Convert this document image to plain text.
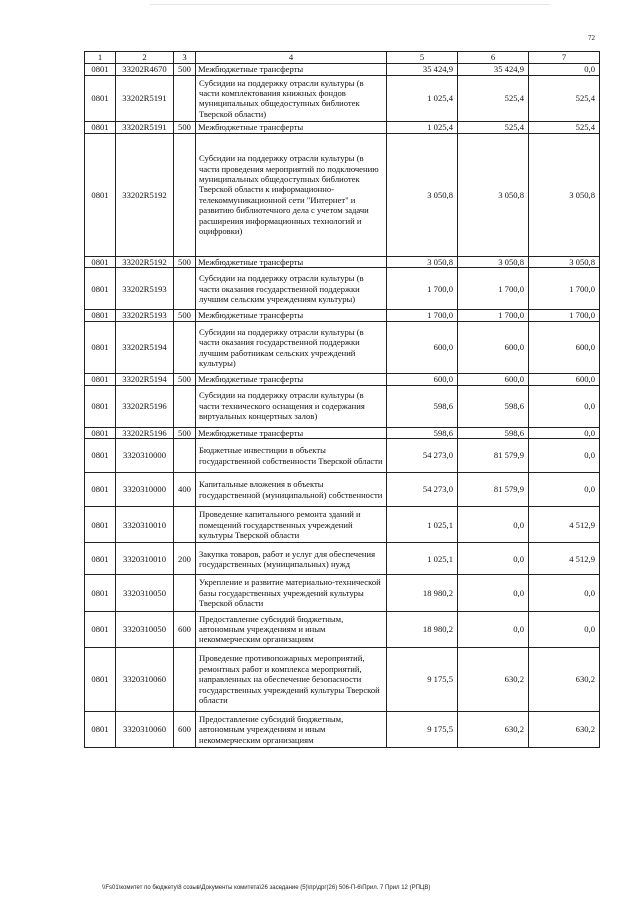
72
1	2	3	4	5	6	7
0801	33202R4670	500	Межбюджетные трансферты	35 424,9	35 424,9	0,0
0801	33202R5191		Субсидии на поддержку отрасли культуры (в части комплектования книжных фондов муниципальных общедоступных библиотек Тверской области)	1 025,4	525,4	525,4
0801	33202R5191	500	Межбюджетные трансферты	1 025,4	525,4	525,4
0801	33202R5192		Субсидии на поддержку отрасли культуры (в части проведения мероприятий по подключению муниципальных общедоступных библиотек Тверской области к информационно-телекоммуникационной сети "Интернет" и развитию библиотечного дела с учетом задачи расширения информационных технологий и оцифровки)	3 050,8	3 050,8	3 050,8
0801	33202R5192	500	Межбюджетные трансферты	3 050,8	3 050,8	3 050,8
0801	33202R5193		Субсидии на поддержку отрасли культуры (в части оказания государственной поддержки лучшим сельским учреждениям культуры)	1 700,0	1 700,0	1 700,0
0801	33202R5193	500	Межбюджетные трансферты	1 700,0	1 700,0	1 700,0
0801	33202R5194		Субсидии на поддержку отрасли культуры (в части оказания государственной поддержки лучшим работникам сельских учреждений культуры)	600,0	600,0	600,0
0801	33202R5194	500	Межбюджетные трансферты	600,0	600,0	600,0
0801	33202R5196		Субсидии на поддержку отрасли культуры (в части технического оснащения и содержания виртуальных концертных залов)	598,6	598,6	0,0
0801	33202R5196	500	Межбюджетные трансферты	598,6	598,6	0,0
0801	3320310000		Бюджетные инвестиции в объекты государственной собственности Тверской области	54 273,0	81 579,9	0,0
0801	3320310000	400	Капитальные вложения в объекты государственной (муниципальной) собственности	54 273,0	81 579,9	0,0
0801	3320310010		Проведение капитального ремонта зданий и помещений государственных учреждений культуры Тверской области	1 025,1	0,0	4 512,9
0801	3320310010	200	Закупка товаров, работ и услуг для обеспечения государственных (муниципальных) нужд	1 025,1	0,0	4 512,9
0801	3320310050		Укрепление и развитие материально-технической базы государственных учреждений культуры Тверской области	18 980,2	0,0	0,0
0801	3320310050	600	Предоставление субсидий бюджетным, автономным учреждениям и иным некоммерческим организациям	18 980,2	0,0	0,0
0801	3320310060		Проведение противопожарных мероприятий, ремонтных работ и комплекса мероприятий, направленных на обеспечение безопасности государственных учреждений культуры Тверской области	9 175,5	630,2	630,2
0801	3320310060	600	Предоставление субсидий бюджетным, автономным учреждениям и иным некоммерческим организациям	9 175,5	630,2	630,2
\\Fs01\комитет по бюджету\8 созыв\Документы комитета\26 заседание (5)\пр\дрг(26) 506-П-6\Прил. 7 Прил 12 (РПЦВ)
